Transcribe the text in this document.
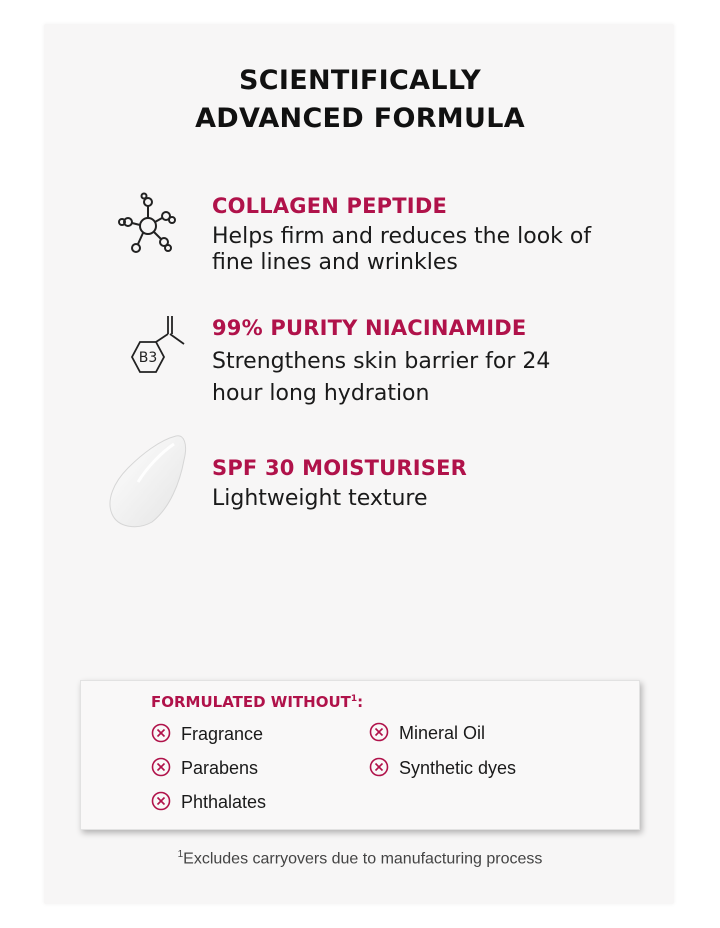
SCIENTIFICALLY
ADVANCED FORMULA
COLLAGEN PEPTIDE
Helps firm and reduces the look of
fine lines and wrinkles
B3
99% PURITY NIACINAMIDE
Strengthens skin barrier for 24
hour long hydration
SPF 30 MOISTURISER
Lightweight texture
FORMULATED WITHOUT$^1$:
Fragrance
Parabens
Phthalates
Mineral Oil
Synthetic dyes
$^1$Excludes carryovers due to manufacturing process
